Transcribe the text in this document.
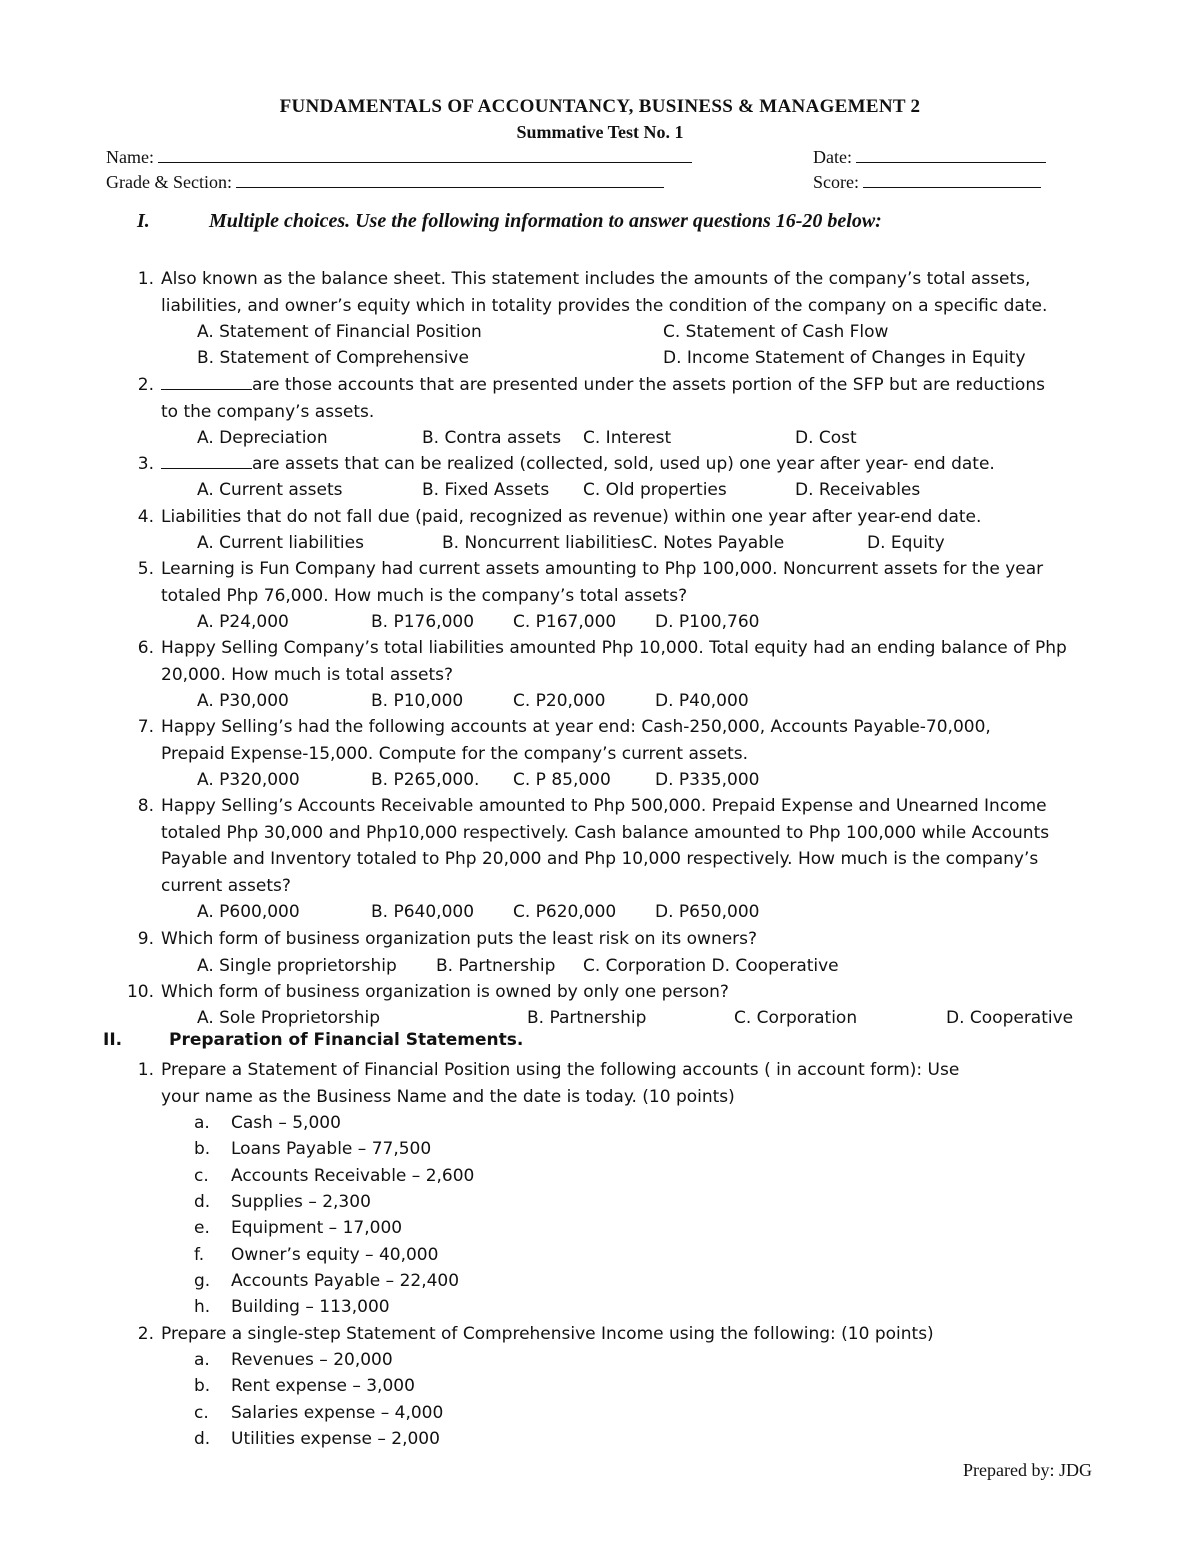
FUNDAMENTALS OF ACCOUNTANCY, BUSINESS & MANAGEMENT 2
Summative Test No. 1
Name:	Date:
Grade & Section:	Score:
I.	Multiple choices. Use the following information to answer questions 16-20 below:
1. Also known as the balance sheet. This statement includes the amounts of the company’s total assets,
liabilities, and owner’s equity which in totality provides the condition of the company on a specific date.
A. Statement of Financial Position	C. Statement of Cash Flow
B. Statement of Comprehensive	D. Income Statement of Changes in Equity
2.	are those accounts that are presented under the assets portion of the SFP but are reductions
to the company’s assets.
A. Depreciation	B. Contra assets C. Interest	D. Cost
3.	are assets that can be realized (collected, sold, used up) one year after year- end date.
A. Current assets	B. Fixed Assets C. Old properties	D. Receivables
4. Liabilities that do not fall due (paid, recognized as revenue) within one year after year-end date.
A. Current liabilities	B. Noncurrent liabilitiesC. Notes Payable	D. Equity
5. Learning is Fun Company had current assets amounting to Php 100,000. Noncurrent assets for the year
totaled Php 76,000. How much is the company’s total assets?
A. P24,000	B. P176,000 C. P167,000 D. P100,760
6. Happy Selling Company’s total liabilities amounted Php 10,000. Total equity had an ending balance of Php
20,000. How much is total assets?
A. P30,000	B. P10,000	C. P20,000	D. P40,000
7. Happy Selling’s had the following accounts at year end: Cash-250,000, Accounts Payable-70,000,
Prepaid Expense-15,000. Compute for the company’s current assets.
A. P320,000	B. P265,000. C. P 85,000	D. P335,000
8. Happy Selling’s Accounts Receivable amounted to Php 500,000. Prepaid Expense and Unearned Income
totaled Php 30,000 and Php10,000 respectively. Cash balance amounted to Php 100,000 while Accounts
Payable and Inventory totaled to Php 20,000 and Php 10,000 respectively. How much is the company’s
current assets?
A. P600,000	B. P640,000 C. P620,000 D. P650,000
9. Which form of business organization puts the least risk on its owners?
A. Single proprietorship B. Partnership C. Corporation D. Cooperative
10. Which form of business organization is owned by only one person?
A. Sole Proprietorship	B. Partnership	C. Corporation	D. Cooperative
II.	Preparation of Financial Statements.
1. Prepare a Statement of Financial Position using the following accounts ( in account form): Use
your name as the Business Name and the date is today. (10 points)
a. Cash – 5,000
b. Loans Payable – 77,500
c.	Accounts Receivable – 2,600
d. Supplies – 2,300
e. Equipment – 17,000
f.	Owner’s equity – 40,000
g. Accounts Payable – 22,400
h. Building – 113,000
2. Prepare a single-step Statement of Comprehensive Income using the following: (10 points)
a. Revenues – 20,000
b. Rent expense – 3,000
c.	Salaries expense – 4,000
d. Utilities expense – 2,000
Prepared by: JDG
